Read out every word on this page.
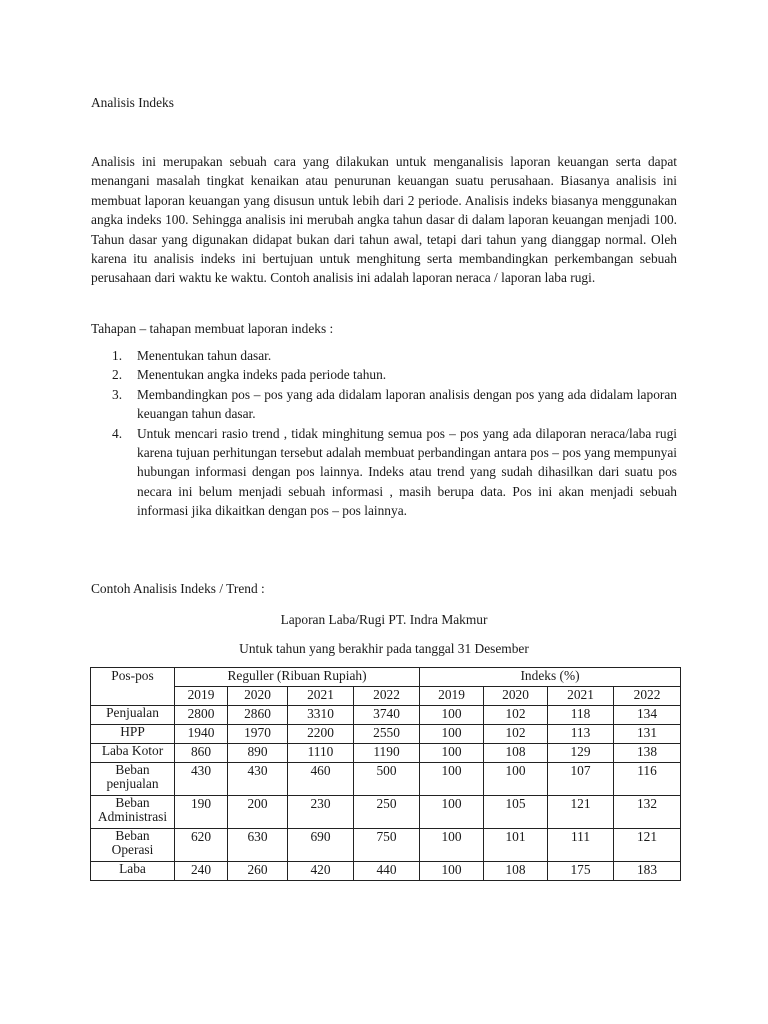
Analisis Indeks

Analisis ini merupakan sebuah cara yang dilakukan untuk menganalisis laporan keuangan serta dapat menangani masalah tingkat kenaikan atau penurunan keuangan suatu perusahaan. Biasanya analisis ini membuat laporan keuangan yang disusun untuk lebih dari 2 periode. Analisis indeks biasanya menggunakan angka indeks 100. Sehingga analisis ini merubah angka tahun dasar di dalam laporan keuangan menjadi 100. Tahun dasar yang digunakan didapat bukan dari tahun awal, tetapi dari tahun yang dianggap normal. Oleh karena itu analisis indeks ini bertujuan untuk menghitung serta membandingkan perkembangan sebuah perusahaan dari waktu ke waktu. Contoh analisis ini adalah laporan neraca / laporan laba rugi.

Tahapan – tahapan membuat laporan indeks :

1. Menentukan tahun dasar.
2. Menentukan angka indeks pada periode tahun.
3. Membandingkan pos – pos yang ada didalam laporan analisis dengan pos yang ada didalam laporan keuangan tahun dasar.
4. Untuk mencari rasio trend , tidak minghitung semua pos – pos yang ada dilaporan neraca/laba rugi karena tujuan perhitungan tersebut adalah membuat perbandingan antara pos – pos yang mempunyai hubungan informasi dengan pos lainnya. Indeks atau trend yang sudah dihasilkan dari suatu pos necara ini belum menjadi sebuah informasi , masih berupa data. Pos ini akan menjadi sebuah informasi jika dikaitkan dengan pos – pos lainnya.

Contoh Analisis Indeks / Trend :

Laporan Laba/Rugi PT. Indra Makmur

Untuk tahun yang berakhir pada tanggal 31 Desember

Pos-pos	Reguller (Ribuan Rupiah)				Indeks (%)			
	2019	2020	2021	2022	2019	2020	2021	2022
Penjualan	2800	2860	3310	3740	100	102	118	134
HPP	1940	1970	2200	2550	100	102	113	131
Laba Kotor	860	890	1110	1190	100	108	129	138
Beban penjualan	430	430	460	500	100	100	107	116
Beban Administrasi	190	200	230	250	100	105	121	132
Beban Operasi	620	630	690	750	100	101	111	121
Laba	240	260	420	440	100	108	175	183
